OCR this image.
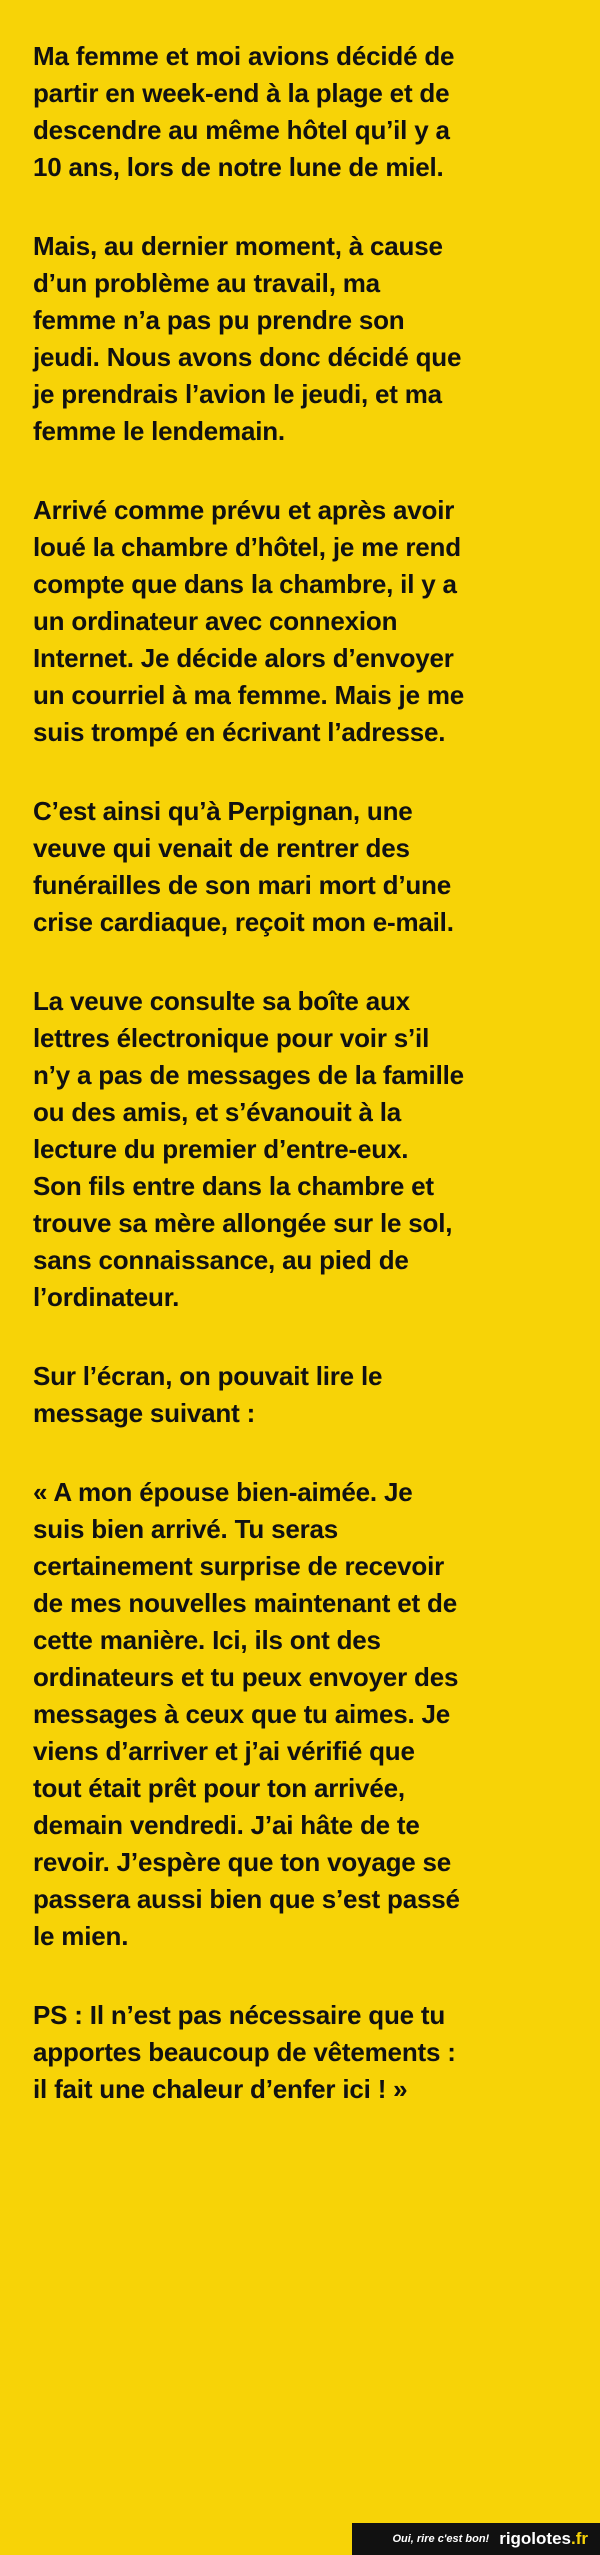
Ma femme et moi avions décidé de
partir en week-end à la plage et de
descendre au même hôtel qu’il y a
10 ans, lors de notre lune de miel.

Mais, au dernier moment, à cause
d’un problème au travail, ma
femme n’a pas pu prendre son
jeudi. Nous avons donc décidé que
je prendrais l’avion le jeudi, et ma
femme le lendemain.

Arrivé comme prévu et après avoir
loué la chambre d’hôtel, je me rend
compte que dans la chambre, il y a
un ordinateur avec connexion
Internet. Je décide alors d’envoyer
un courriel à ma femme. Mais je me
suis trompé en écrivant l’adresse.

C’est ainsi qu’à Perpignan, une
veuve qui venait de rentrer des
funérailles de son mari mort d’une
crise cardiaque, reçoit mon e-mail.

La veuve consulte sa boîte aux
lettres électronique pour voir s’il
n’y a pas de messages de la famille
ou des amis, et s’évanouit à la
lecture du premier d’entre-eux.
Son fils entre dans la chambre et
trouve sa mère allongée sur le sol,
sans connaissance, au pied de
l’ordinateur.

Sur l’écran, on pouvait lire le
message suivant :

« A mon épouse bien-aimée. Je
suis bien arrivé. Tu seras
certainement surprise de recevoir
de mes nouvelles maintenant et de
cette manière. Ici, ils ont des
ordinateurs et tu peux envoyer des
messages à ceux que tu aimes. Je
viens d’arriver et j’ai vérifié que
tout était prêt pour ton arrivée,
demain vendredi. J’ai hâte de te
revoir. J’espère que ton voyage se
passera aussi bien que s’est passé
le mien.

PS : Il n’est pas nécessaire que tu
apportes beaucoup de vêtements :
il fait une chaleur d’enfer ici ! »

Oui, rire c'est bon! rigolotes.fr
